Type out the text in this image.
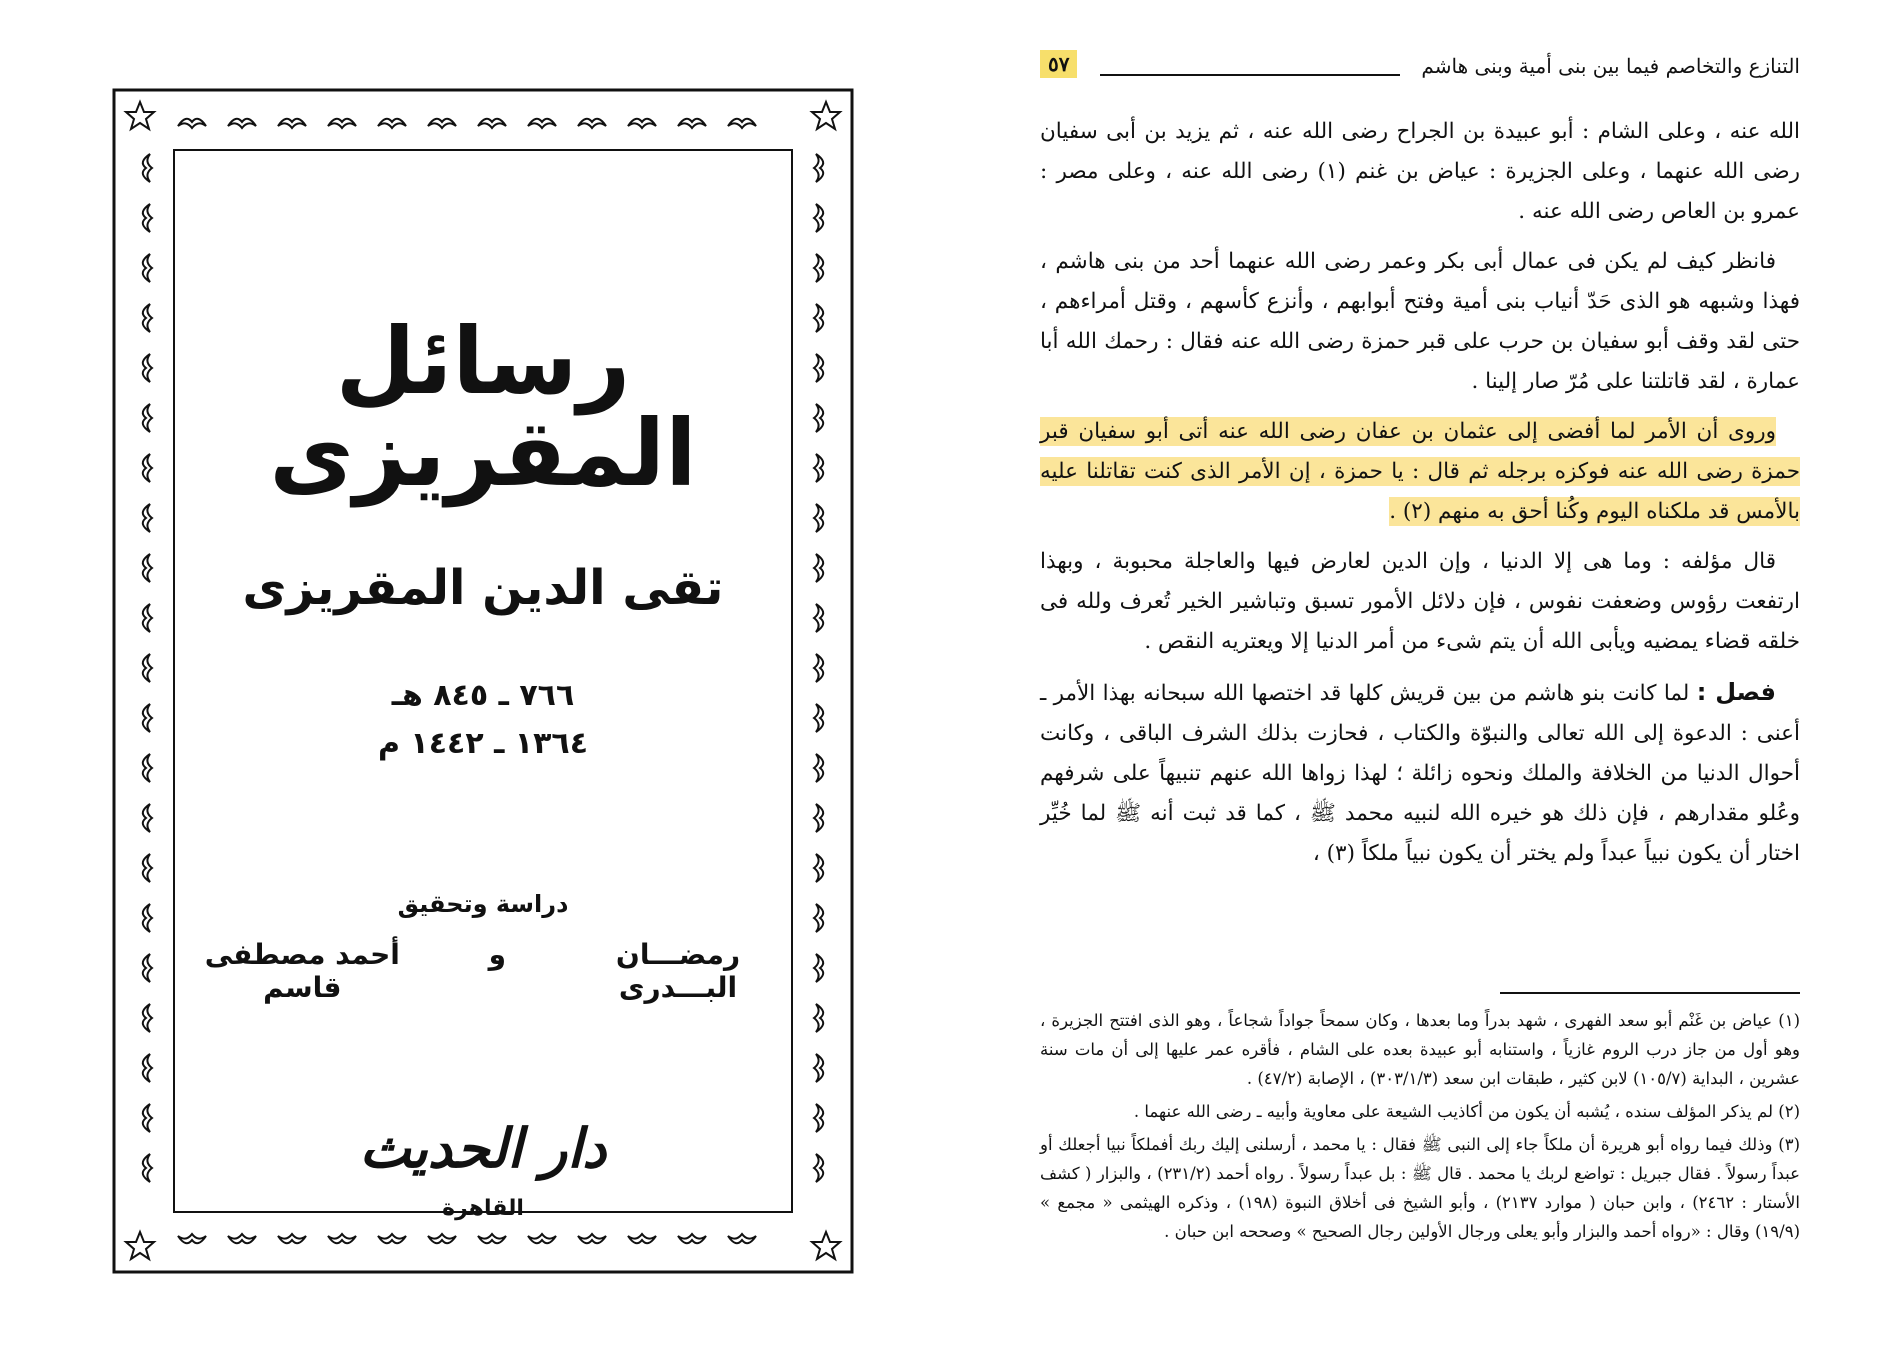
رسائل المقريزى
تقى الدين المقريزى
٧٦٦ ـ ٨٤٥ هـ
١٣٦٤ ـ ١٤٤٢ م
دراسة وتحقيق
رمضـــان البـــدرى
و
أحمد مصطفى قاسم
دار الحديث
القاهرة
التنازع والتخاصم فيما بين بنى أمية وبنى هاشم
٥٧

الله عنه ، وعلى الشام : أبو عبيدة بن الجراح رضى الله عنه ، ثم يزيد بن أبى سفيان رضى الله عنهما ، وعلى الجزيرة : عياض بن غنم (١) رضى الله عنه ، وعلى مصر : عمرو بن العاص رضى الله عنه .

فانظر كيف لم يكن فى عمال أبى بكر وعمر رضى الله عنهما أحد من بنى هاشم ، فهذا وشبهه هو الذى حَدّ أنياب بنى أمية وفتح أبوابهم ، وأنزع كأسهم ، وقتل أمراءهم ، حتى لقد وقف أبو سفيان بن حرب على قبر حمزة رضى الله عنه فقال : رحمك الله أبا عمارة ، لقد قاتلتنا على مُرّ صار إلينا .

وروى أن الأمر لما أفضى إلى عثمان بن عفان رضى الله عنه أتى أبو سفيان قبر حمزة رضى الله عنه فوكزه برجله ثم قال : يا حمزة ، إن الأمر الذى كنت تقاتلنا عليه بالأمس قد ملكناه اليوم وكُنا أحق به منهم (٢) .

قال مؤلفه : وما هى إلا الدنيا ، وإن الدين لعارض فيها والعاجلة محبوبة ، وبهذا ارتفعت رؤوس وضعفت نفوس ، فإن دلائل الأمور تسبق وتباشير الخير تُعرف ولله فى خلقه قضاء يمضيه ويأبى الله أن يتم شىء من أمر الدنيا إلا ويعتريه النقص .

فصل : لما كانت بنو هاشم من بين قريش كلها قد اختصها الله سبحانه بهذا الأمر ـ أعنى : الدعوة إلى الله تعالى والنبوّة والكتاب ، فحازت بذلك الشرف الباقى ، وكانت أحوال الدنيا من الخلافة والملك ونحوه زائلة ؛ لهذا زواها الله عنهم تنبيهاً على شرفهم وعُلو مقدارهم ، فإن ذلك هو خيره الله لنبيه محمد ﷺ ، كما قد ثبت أنه ﷺ لما خُيِّر اختار أن يكون نبياً عبداً ولم يختر أن يكون نبياً ملكاً (٣) ،

(١) عياض بن غَنْم أبو سعد الفهرى ، شهد بدراً وما بعدها ، وكان سمحاً جواداً شجاعاً ، وهو الذى افتتح الجزيرة ، وهو أول من جاز درب الروم غازياً ، واستنابه أبو عبيدة بعده على الشام ، فأقره عمر عليها إلى أن مات سنة عشرين ، البداية (١٠٥/٧) لابن كثير ، طبقات ابن سعد (٣٠٣/١/٣) ، الإصابة (٤٧/٢) .

(٢) لم يذكر المؤلف سنده ، يُشبه أن يكون من أكاذيب الشيعة على معاوية وأبيه ـ رضى الله عنهما .

(٣) وذلك فيما رواه أبو هريرة أن ملكاً جاء إلى النبى ﷺ فقال : يا محمد ، أرسلنى إليك ربك أفملكاً نبيا أجعلك أو عبداً رسولاً . فقال جبريل : تواضع لربك يا محمد . قال ﷺ : بل عبداً رسولاً . رواه أحمد (٢٣١/٢) ، والبزار ( كشف الأستار : ٢٤٦٢) ، وابن حبان ( موارد ٢١٣٧) ، وأبو الشيخ فى أخلاق النبوة (١٩٨) ، وذكره الهيثمى « مجمع » (١٩/٩) وقال : «رواه أحمد والبزار وأبو يعلى ورجال الأولين رجال الصحيح » وصححه ابن حبان .
